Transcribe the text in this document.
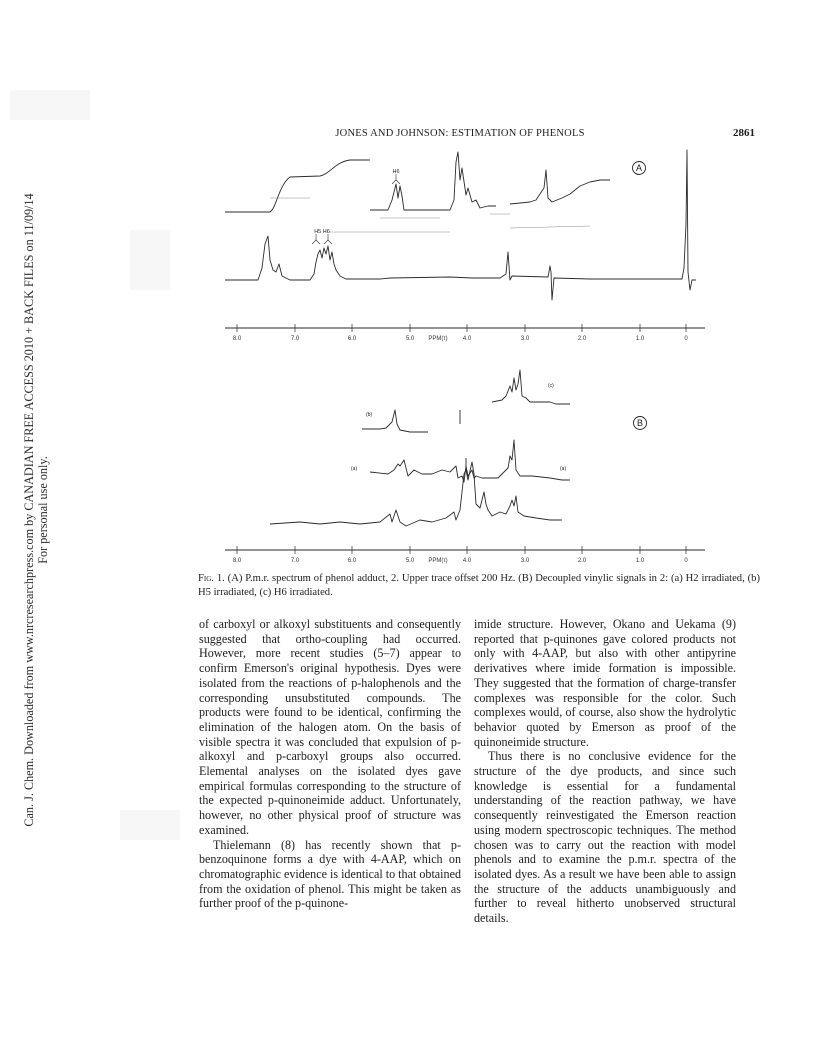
Can. J. Chem. Downloaded from www.nrcresearchpress.com by CANADIAN FREE ACCESS 2010 + BACK FILES on 11/09/14 For personal use only.
JONES AND JOHNSON: ESTIMATION OF PHENOLS	2861
A
B
H6
H5 H6
(c)
(b)
(a)	(a)
8.0	7.0	6.0	5.0 PPM(τ)	4.0	3.0	2.0	1.0	0
8.0	7.0	6.0	5.0 PPM(τ)	4.0	3.0	2.0	1.0	0
Fig. 1. (A) P.m.r. spectrum of phenol adduct, 2. Upper trace offset 200 Hz. (B) Decoupled vinylic signals in 2: (a) H2 irradiated, (b) H5 irradiated, (c) H6 irradiated.

of carboxyl or alkoxyl substituents and consequently suggested that ortho-coupling had occurred. However, more recent studies (5–7) appear to confirm Emerson's original hypothesis. Dyes were isolated from the reactions of p-halophenols and the corresponding unsubstituted compounds. The products were found to be identical, confirming the elimination of the halogen atom. On the basis of visible spectra it was concluded that expulsion of p-alkoxyl and p-carboxyl groups also occurred. Elemental analyses on the isolated dyes gave empirical formulas corresponding to the structure of the expected p-quinoneimide adduct. Unfortunately, however, no other physical proof of structure was examined.

Thielemann (8) has recently shown that p-benzoquinone forms a dye with 4-AAP, which on chromatographic evidence is identical to that obtained from the oxidation of phenol. This might be taken as further proof of the p-quinone-

imide structure. However, Okano and Uekama (9) reported that p-quinones gave colored products not only with 4-AAP, but also with other antipyrine derivatives where imide formation is impossible. They suggested that the formation of charge-transfer complexes was responsible for the color. Such complexes would, of course, also show the hydrolytic behavior quoted by Emerson as proof of the quinoneimide structure.

Thus there is no conclusive evidence for the structure of the dye products, and since such knowledge is essential for a fundamental understanding of the reaction pathway, we have consequently reinvestigated the Emerson reaction using modern spectroscopic techniques. The method chosen was to carry out the reaction with model phenols and to examine the p.m.r. spectra of the isolated dyes. As a result we have been able to assign the structure of the adducts unambiguously and further to reveal hitherto unobserved structural details.
